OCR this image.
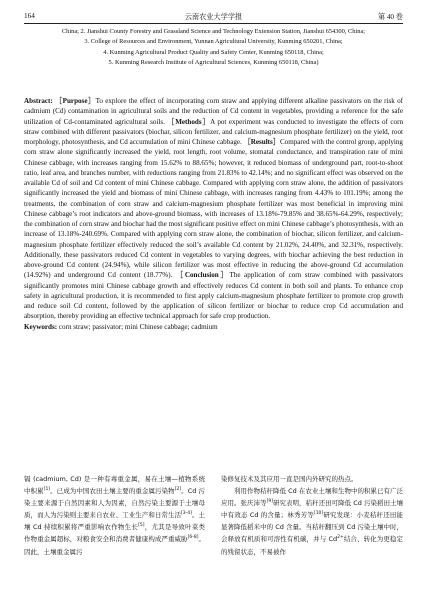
164	云南农业大学学报	第 40 卷
China; 2. Jianshui County Forestry and Grassland Science and Technology Extension Station, Jianshui 654300, China;
3. College of Resources and Environment, Yunnan Agricultural University, Kunming 650201, China;
4. Kunming Agricultural Product Quality and Safety Center, Kunming 650118, China;
5. Kunming Research Institute of Agricultural Sciences, Kunming 650118, China)

Abstract: ［Purpose］To explore the effect of incorporating corn straw and applying different alkaline passivators on the risk of cadmium (Cd) contamination in agricultural soils and the reduction of Cd content in vegetables, providing a reference for the safe utilization of Cd-contaminated agricultural soils. ［Methods］A pot experiment was conducted to investigate the effects of corn straw combined with different passivators (biochar, silicon fertilizer, and calcium-magnesium phosphate fertilizer) on the yield, root morphology, photosynthesis, and Cd accumulation of mini Chinese cabbage. ［Results］Compared with the control group, applying corn straw alone significantly increased the yield, root length, root volume, stomatal conductance, and transpiration rate of mini Chinese cabbage, with increases ranging from 15.62% to 88.65%; however, it reduced biomass of underground part, root-to-shoot ratio, leaf area, and branches number, with reductions ranging from 21.83% to 42.14%; and no significant effect was observed on the available Cd of soil and Cd content of mini Chinese cabbage. Compared with applying corn straw alone, the addition of passivators significantly increased the yield and biomass of mini Chinese cabbage, with increases ranging from 4.43% to 101.19%; among the treatments, the combination of corn straw and calcium-magnesium phosphate fertilizer was most beneficial in improving mini Chinese cabbage’s root indicators and above-ground biomass, with increases of 13.18%-79.85% and 38.65%-64.29%, respectively; the combination of corn straw and biochar had the most significant positive effect on mini Chinese cabbage’s photosynthesis, with an increase of 13.18%-240.69%. Compared with applying corn straw alone, the combination of biochar, silicon fertilizer, and calcium-magnesium phosphate fertilizer effectively reduced the soil’s available Cd content by 21.02%, 24.40%, and 32.31%, respectively. Additionally, these passivators reduced Cd content in vegetables to varying degrees, with biochar achieving the best reduction in above-ground Cd content (24.94%), while silicon fertilizer was most effective in reducing the above-ground Cd accumulation (14.92%) and underground Cd content (18.77%). ［Conclusion］The application of corn straw combined with passivators significantly promotes mini Chinese cabbage growth and effectively reduces Cd content in both soil and plants. To enhance crop safety in agricultural production, it is recommended to first apply calcium-magnesium phosphate fertilizer to promote crop growth and reduce soil Cd content, followed by the application of silicon fertilizer or biochar to reduce crop Cd accumulation and absorption, thereby providing an effective technical approach for safe crop production.

Keywords: corn straw; passivator; mini Chinese cabbage; cadmium

镉 (cadmium, Cd) 是一种有毒重金属，易在土壤—植物系统中积累[1]。已成为中国农田土壤主要的重金属污染物[2]。Cd 污染主要来源于自然因素和人为因素，自然污染主要源于土壤母质，而人为污染则主要来自农业、工业生产和日常生活[3-4]。土壤 Cd 持续积累将严重影响农作物生长[5]，尤其是导致叶菜类作物重金属超标，对粮食安全和消费者健康构成严重威胁[6-8]。因此，土壤重金属污

染修复技术及其应用一直是国内外研究的热点。

  利用作物秸秆降低 Cd 在农业土壤和生物中的积累已有广泛应用。张庆沛等[9]研究表明，秸秆还田可降低 Cd 污染稻田土壤中有效态 Cd 的含量；林秀芳等[10]研究发现：小麦秸秆还田能显著降低稻米中的 Cd 含量。当秸秆翻压到 Cd 污染土壤中时，会释放有机质和可溶性有机碳，并与 $Cd^{2+}$结合、转化为更稳定的残留状态，不易被作
